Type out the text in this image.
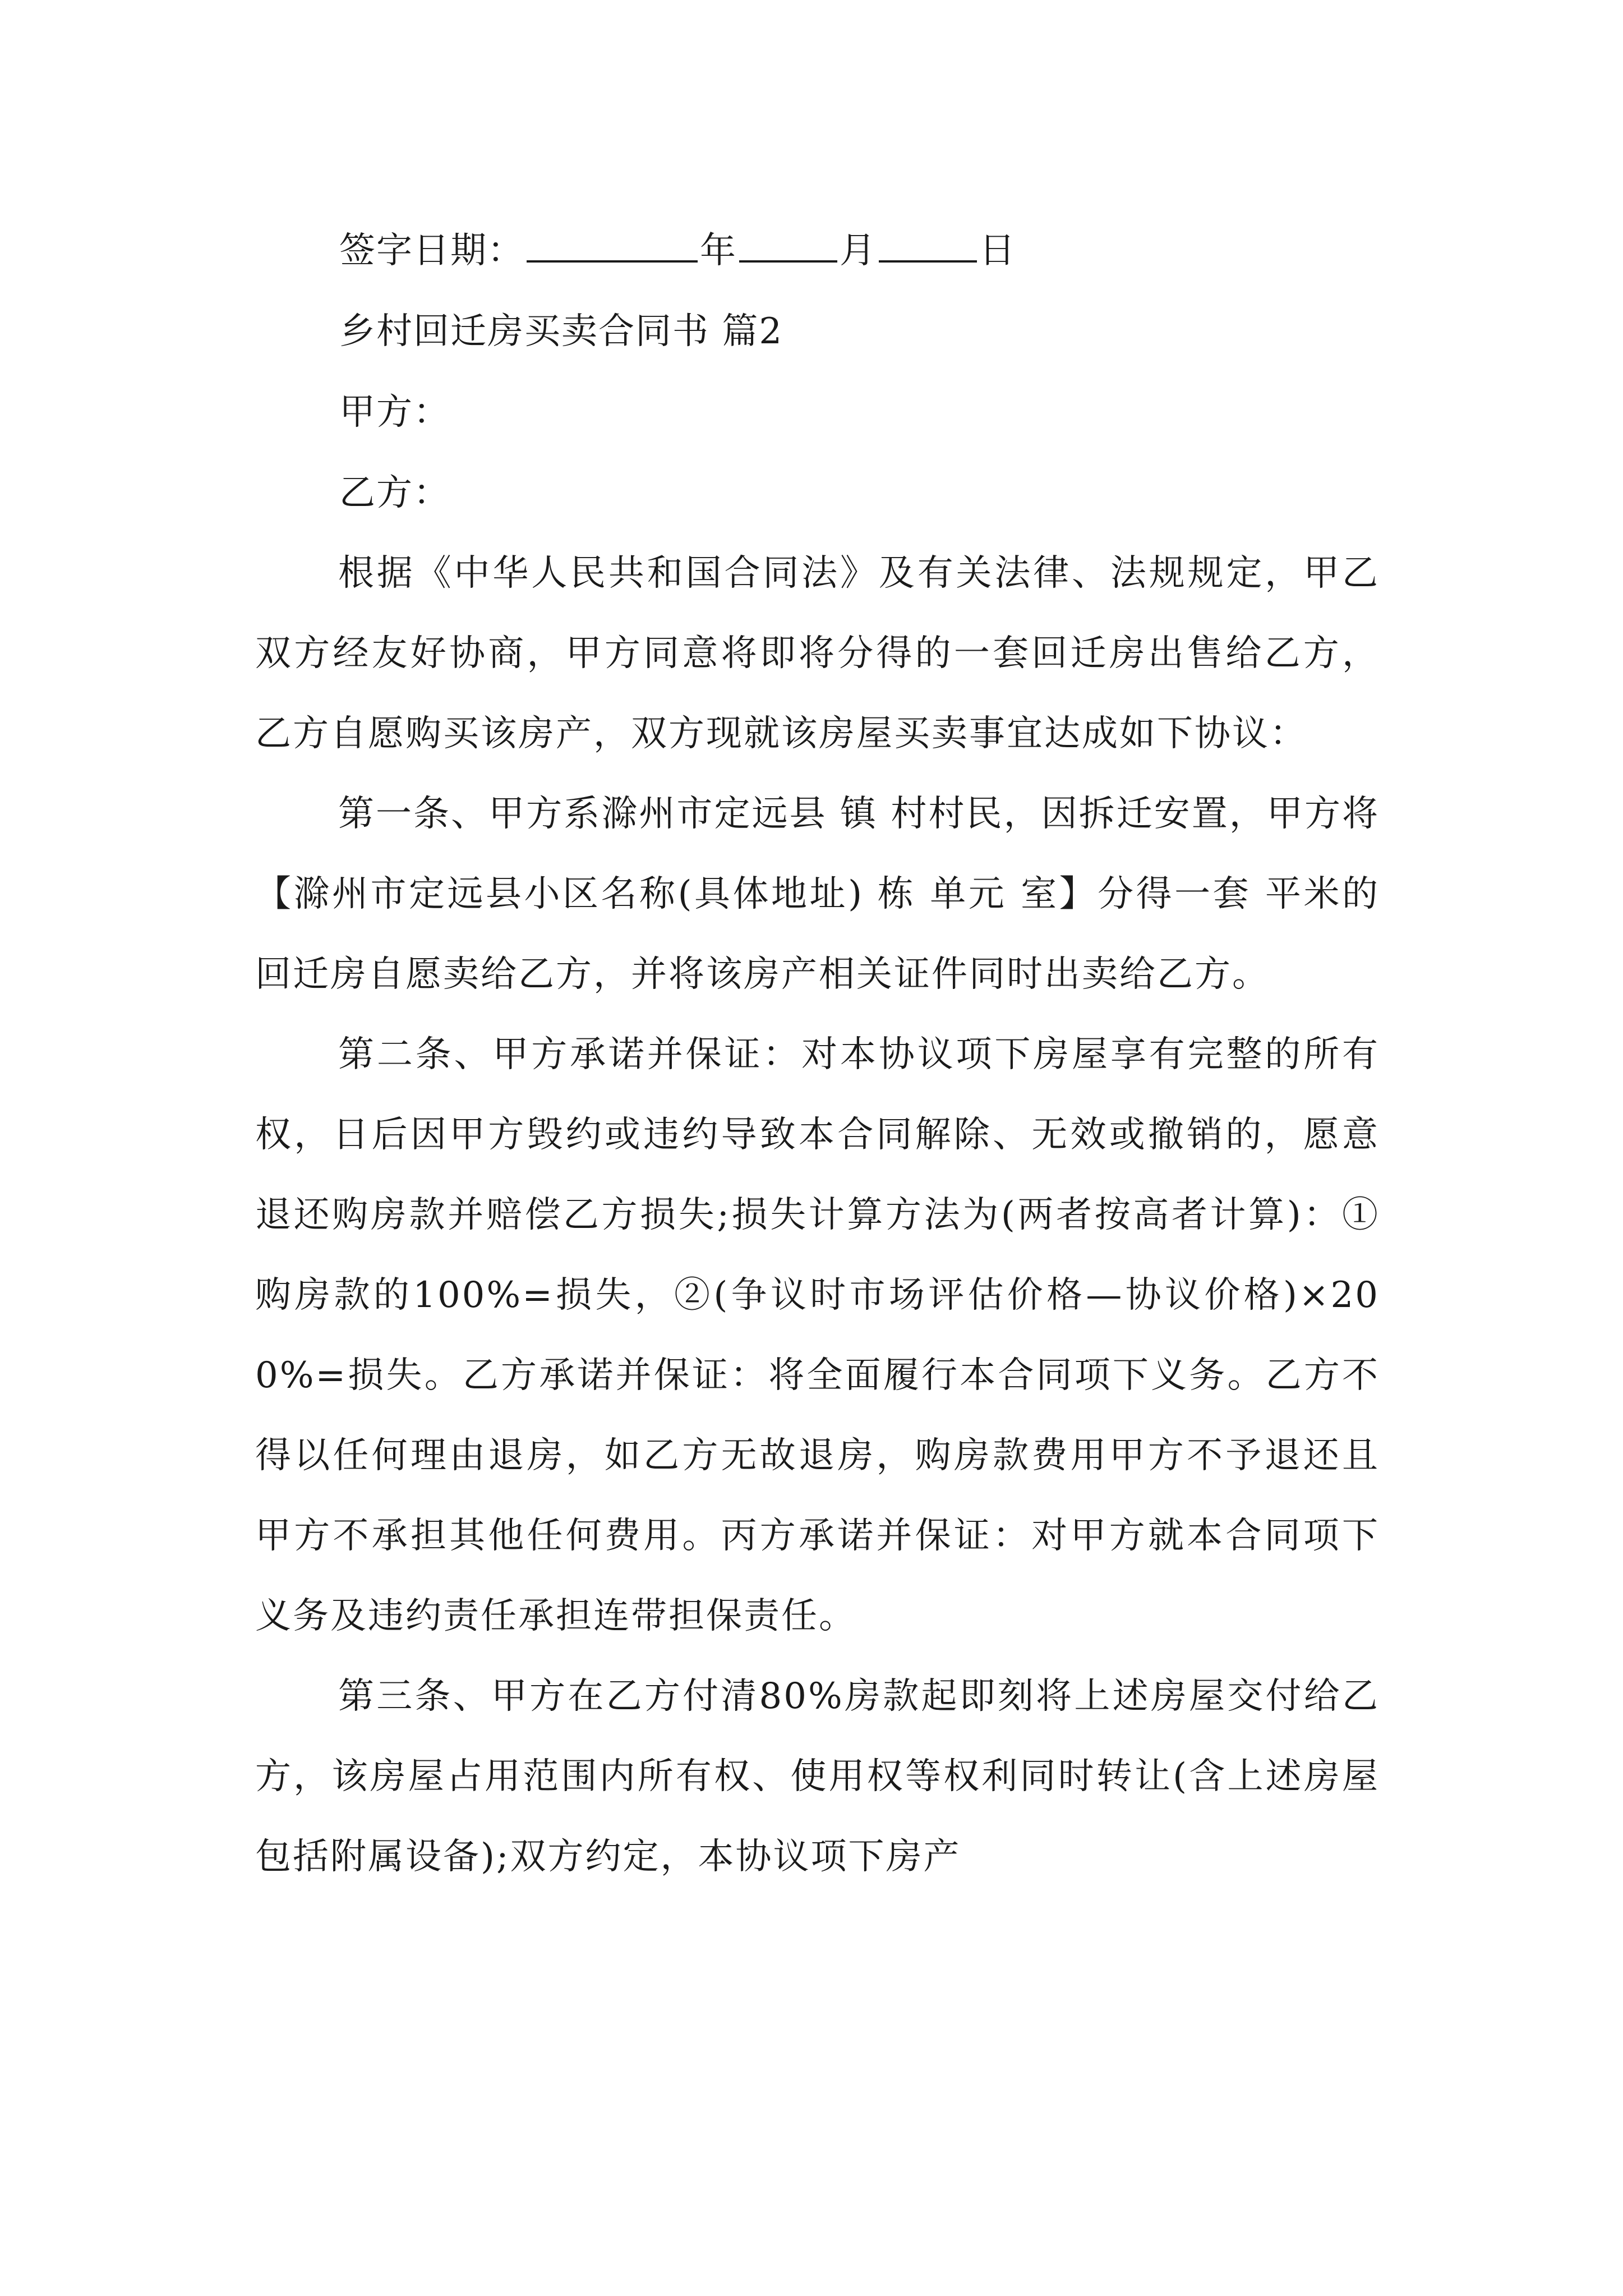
签字日期：	年	月	日
乡村回迁房买卖合同书 篇2
甲方：
乙方：

根据《中华人民共和国合同法》及有关法律、法规规定，甲乙双方经友好协商，甲方同意将即将分得的一套回迁房出售给乙方，乙方自愿购买该房产，双方现就该房屋买卖事宜达成如下协议：

第一条、甲方系滁州市定远县 镇 村村民，因拆迁安置，甲方将【滁州市定远县小区名称(具体地址) 栋 单元 室】分得一套 平米的回迁房自愿卖给乙方，并将该房产相关证件同时出卖给乙方。

第二条、甲方承诺并保证：对本协议项下房屋享有完整的所有权，日后因甲方毁约或违约导致本合同解除、无效或撤销的，愿意退还购房款并赔偿乙方损失;损失计算方法为(两者按高者计算)：①购房款的100%=损失，②(争议时市场评估价格—协议价格)×200%=损失。乙方承诺并保证：将全面履行本合同项下义务。乙方不得以任何理由退房，如乙方无故退房，购房款费用甲方不予退还且甲方不承担其他任何费用。丙方承诺并保证：对甲方就本合同项下义务及违约责任承担连带担保责任。

第三条、甲方在乙方付清80%房款起即刻将上述房屋交付给乙方，该房屋占用范围内所有权、使用权等权利同时转让(含上述房屋包括附属设备);双方约定，本协议项下房产
